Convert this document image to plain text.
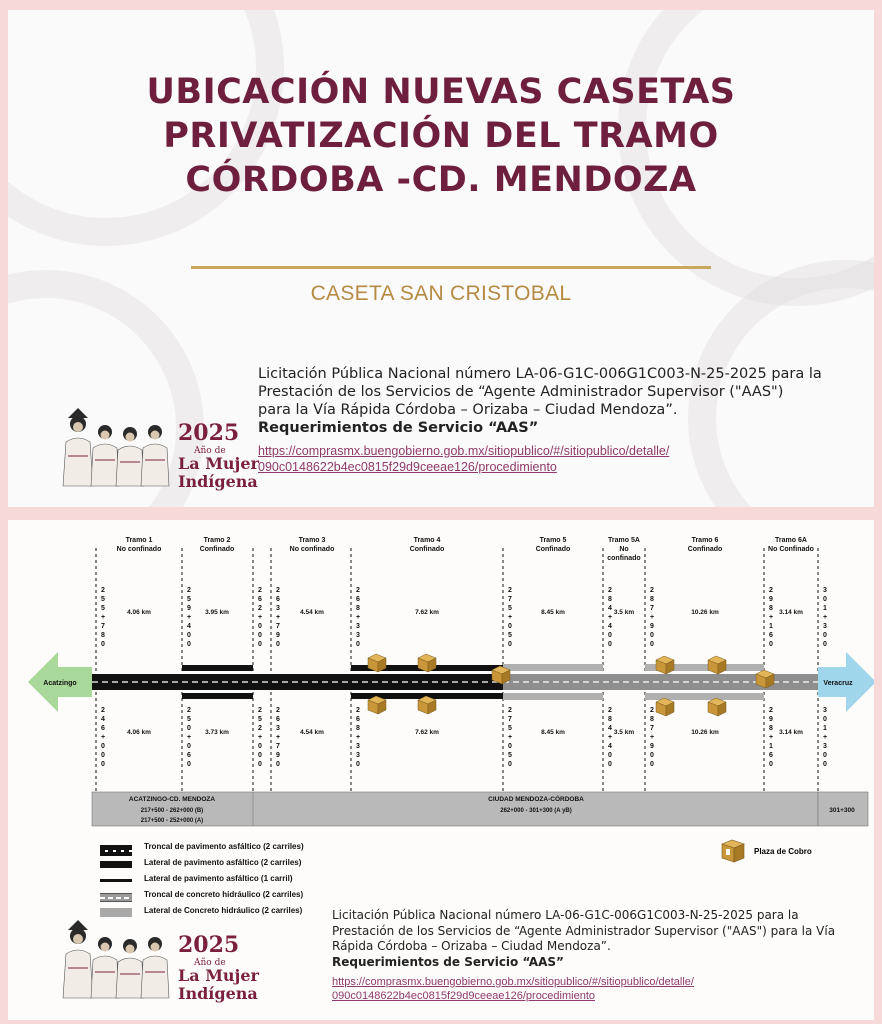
UBICACIÓN NUEVAS CASETAS
PRIVATIZACIÓN DEL TRAMO
CÓRDOBA -CD. MENDOZA
CASETA SAN CRISTOBAL
2025
Año de
La Mujer
Indígena
Licitación Pública Nacional número LA-06-G1C-006G1C003-N-25-2025 para la
Prestación de los Servicios de “Agente Administrador Supervisor ("AAS")
para la Vía Rápida Córdoba – Orizaba – Ciudad Mendoza”.
Requerimientos de Servicio “AAS”
https://comprasmx.buengobierno.gob.mx/sitiopublico/#/sitiopublico/detalle/
090c0148622b4ec0815f29d9ceeae126/procedimiento
Tramo 1
No confinado
Tramo 2
Confinado
Tramo 3
No confinado
Tramo 4
Confinado
Tramo 5
Confinado
Tramo 5A
No
confinado
Tramo 6
Confinado
Tramo 6A
No Confinado
4.06 km	3.95 km	4.54 km	7.62 km	8.45 km	3.5 km	10.26 km	3.14 km
4.06 km	3.73 km	4.54 km	7.62 km	8.45 km	3.5 km	10.26 km	3.14 km
2
5
5
+
7
8
0
2
5
9
+
4
0
0
2
6
2
+
0
0
0
2
6
3
+
7
9
0
2
6
8
+
3
3
0
2
7
5
+
0
5
0
2
8
4
+
4
0
0
2
8
7
+
9
0
0
2
9
8
+
1
6
0
3
0
1
+
3
0
0
2
4
6
+
0
0
0
2
5
0
+
0
6
0
2
5
2
+
0
0
0
2
6
3
+
7
9
0
2
6
8
+
3
3
0
2
7
5
+
0
5
0
2
8
4
+
4
0
0
2
8
7
+
9
0
0
2
9
8
+
1
6
0
3
0
1
+
3
0
0
Acatzingo	Veracruz
ACATZINGO-CD. MENDOZA
217+500 - 262+000 (B)
217+500 - 252+000 (A)
CIUDAD MENDOZA-CÓRDOBA
262+000 - 301+300 (A yB)	301+300
Troncal de pavimento asfáltico (2 carriles)
Lateral de pavimento asfáltico (2 carriles)
Lateral de pavimento asfáltico (1 carril)
Troncal de concreto hidráulico (2 carriles)
Lateral de Concreto hidráulico (2 carriles)
Plaza de Cobro
2025
Año de
La Mujer
Indígena
Licitación Pública Nacional número LA-06-G1C-006G1C003-N-25-2025 para la
Prestación de los Servicios de “Agente Administrador Supervisor ("AAS") para la Vía
Rápida Córdoba – Orizaba – Ciudad Mendoza”.
Requerimientos de Servicio “AAS”
https://comprasmx.buengobierno.gob.mx/sitiopublico/#/sitiopublico/detalle/
090c0148622b4ec0815f29d9ceeae126/procedimiento
